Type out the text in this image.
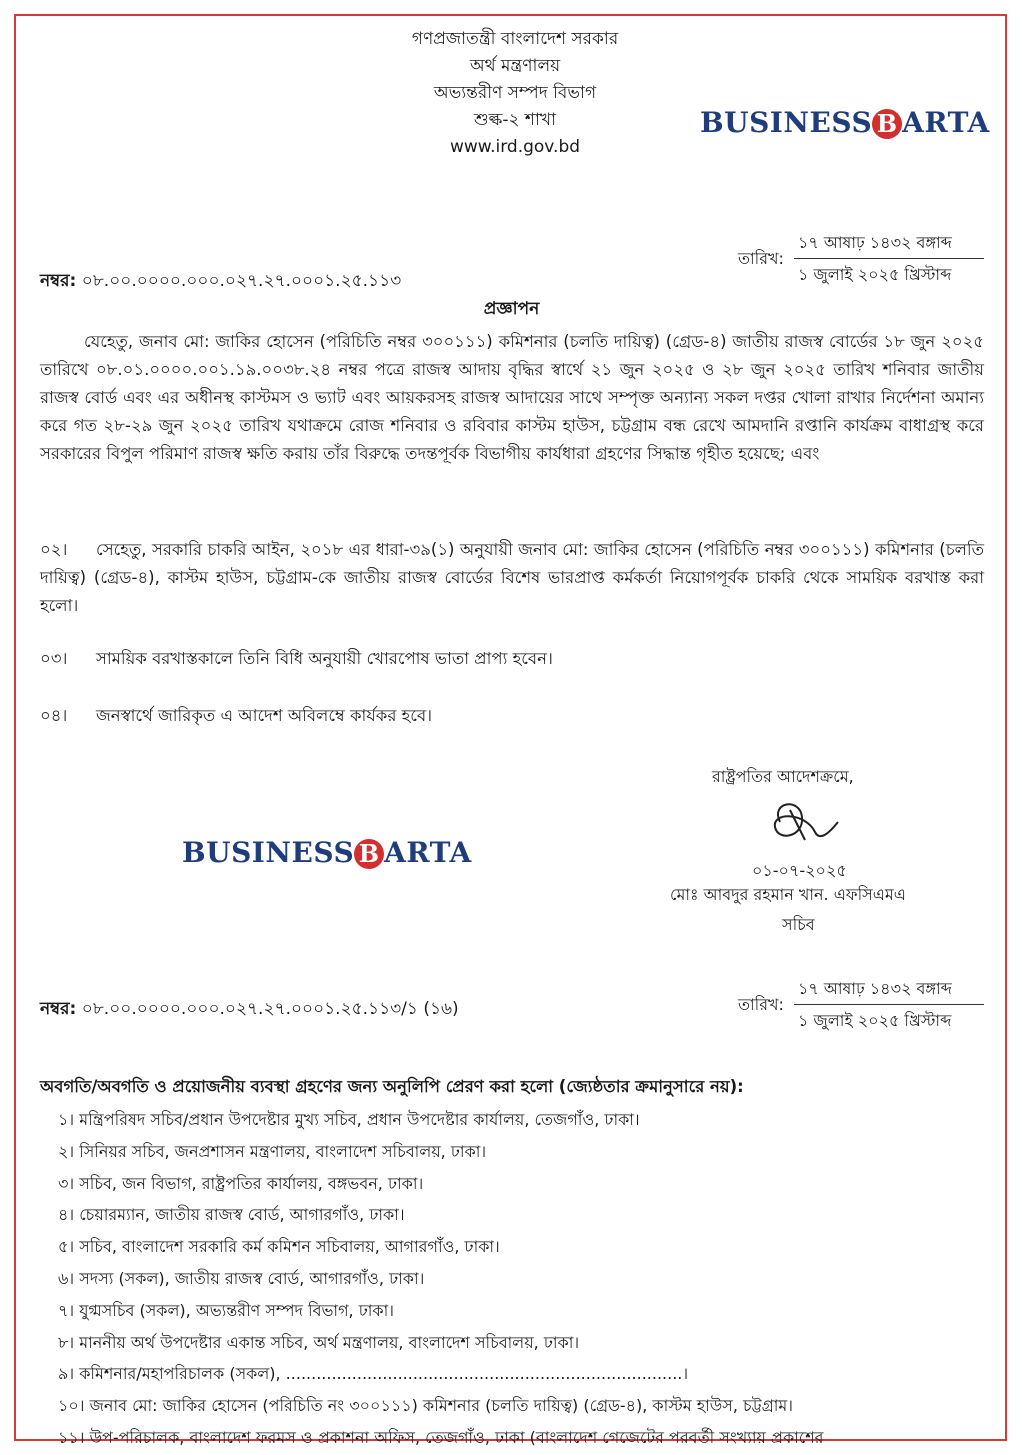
গণপ্রজাতন্ত্রী বাংলাদেশ সরকার
অর্থ মন্ত্রণালয়
অভ্যন্তরীণ সম্পদ বিভাগ
শুল্ক-২ শাখা
www.ird.gov.bd
BUSINESS B ARTA
তারিখ:
১৭ আষাঢ় ১৪৩২ বঙ্গাব্দ
১ জুলাই ২০২৫ খ্রিস্টাব্দ
নম্বর: ০৮.০০.০০০০.০০০.০২৭.২৭.০০০১.২৫.১১৩
প্রজ্ঞাপন
যেহেতু, জনাব মো: জাকির হোসেন (পরিচিতি নম্বর ৩০০১১১) কমিশনার (চলতি দায়িত্ব) (গ্রেড-৪) জাতীয় রাজস্ব বোর্ডের ১৮ জুন ২০২৫ তারিখে ০৮.০১.০০০০.০০১.১৯.০০৩৮.২৪ নম্বর পত্রে রাজস্ব আদায় বৃদ্ধির স্বার্থে ২১ জুন ২০২৫ ও ২৮ জুন ২০২৫ তারিখ শনিবার জাতীয় রাজস্ব বোর্ড এবং এর অধীনস্থ কাস্টমস ও ভ্যাট এবং আয়করসহ রাজস্ব আদায়ের সাথে সম্পৃক্ত অন্যান্য সকল দপ্তর খোলা রাখার নির্দেশনা অমান্য করে গত ২৮-২৯ জুন ২০২৫ তারিখ যথাক্রমে রোজ শনিবার ও রবিবার কাস্টম হাউস, চট্টগ্রাম বন্ধ রেখে আমদানি রপ্তানি কার্যক্রম বাধাগ্রস্থ করে সরকারের বিপুল পরিমাণ রাজস্ব ক্ষতি করায় তাঁর বিরুদ্ধে তদন্তপূর্বক বিভাগীয় কার্যধারা গ্রহণের সিদ্ধান্ত গৃহীত হয়েছে; এবং
০২। সেহেতু, সরকারি চাকরি আইন, ২০১৮ এর ধারা-৩৯(১) অনুযায়ী জনাব মো: জাকির হোসেন (পরিচিতি নম্বর ৩০০১১১) কমিশনার (চলতি দায়িত্ব) (গ্রেড-৪), কাস্টম হাউস, চট্টগ্রাম-কে জাতীয় রাজস্ব বোর্ডের বিশেষ ভারপ্রাপ্ত কর্মকর্তা নিয়োগপূর্বক চাকরি থেকে সাময়িক বরখাস্ত করা হলো।
০৩। সাময়িক বরখাস্তকালে তিনি বিধি অনুযায়ী খোরপোষ ভাতা প্রাপ্য হবেন।
০৪। জনস্বার্থে জারিকৃত এ আদেশ অবিলম্বে কার্যকর হবে।
রাষ্ট্রপতির আদেশক্রমে,
০১-০৭-২০২৫
মোঃ আবদুর রহমান খান. এফসিএমএ
সচিব
BUSINESS B ARTA
তারিখ:
১৭ আষাঢ় ১৪৩২ বঙ্গাব্দ
১ জুলাই ২০২৫ খ্রিস্টাব্দ
নম্বর: ০৮.০০.০০০০.০০০.০২৭.২৭.০০০১.২৫.১১৩/১ (১৬)
অবগতি/অবগতি ও প্রয়োজনীয় ব্যবস্থা গ্রহণের জন্য অনুলিপি প্রেরণ করা হলো (জ্যেষ্ঠতার ক্রমানুসারে নয়):
১। মন্ত্রিপরিষদ সচিব/প্রধান উপদেষ্টার মুখ্য সচিব, প্রধান উপদেষ্টার কার্যালয়, তেজগাঁও, ঢাকা।
২। সিনিয়র সচিব, জনপ্রশাসন মন্ত্রণালয়, বাংলাদেশ সচিবালয়, ঢাকা।
৩। সচিব, জন বিভাগ, রাষ্ট্রপতির কার্যালয়, বঙ্গভবন, ঢাকা।
৪। চেয়ারম্যান, জাতীয় রাজস্ব বোর্ড, আগারগাঁও, ঢাকা।
৫। সচিব, বাংলাদেশ সরকারি কর্ম কমিশন সচিবালয়, আগারগাঁও, ঢাকা।
৬। সদস্য (সকল), জাতীয় রাজস্ব বোর্ড, আগারগাঁও, ঢাকা।
৭। যুগ্মসচিব (সকল), অভ্যন্তরীণ সম্পদ বিভাগ, ঢাকা।
৮। মাননীয় অর্থ উপদেষ্টার একান্ত সচিব, অর্থ মন্ত্রণালয়, বাংলাদেশ সচিবালয়, ঢাকা।
৯। কমিশনার/মহাপরিচালক (সকল), ..............................................................................।
১০। জনাব মো: জাকির হোসেন (পরিচিতি নং ৩০০১১১) কমিশনার (চলতি দায়িত্ব) (গ্রেড-৪), কাস্টম হাউস, চট্টগ্রাম।
১১। উপ-পরিচালক, বাংলাদেশ ফরমস ও প্রকাশনা অফিস, তেজগাঁও, ঢাকা (বাংলাদেশ গেজেটের পরবর্তী সংখ্যায় প্রকাশের
